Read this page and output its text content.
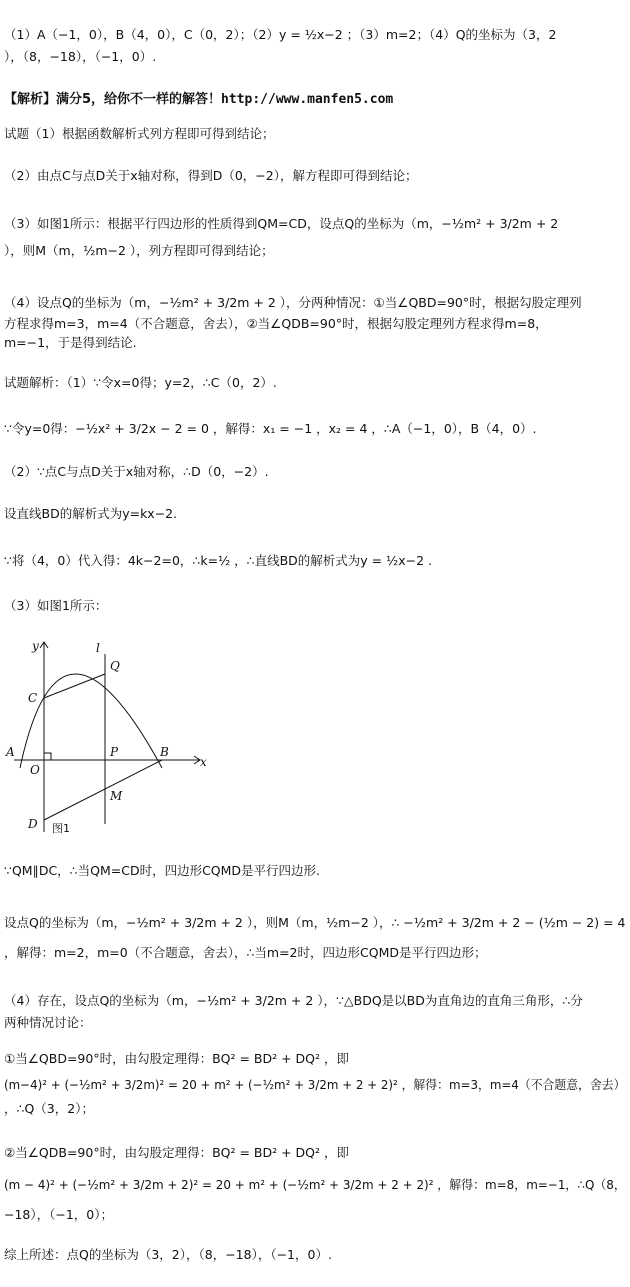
（1）A（−1，0），B（4，0），C（0，2）；（2）y = ½x−2 ；（3）m=2；（4）Q的坐标为（3，2
），（8，−18），（−1，0）.
【解析】满分5，给你不一样的解答！http://www.manfen5.com
试题（1）根据函数解析式列方程即可得到结论；
（2）由点C与点D关于x轴对称，得到D（0，−2），解方程即可得到结论；
（3）如图1所示：根据平行四边形的性质得到QM=CD，设点Q的坐标为（m，−½m² + 3/2m + 2
），则M（m，½m−2 ），列方程即可得到结论；
（4）设点Q的坐标为（m，−½m² + 3/2m + 2 ），分两种情况：①当∠QBD=90°时，根据勾股定理列
方程求得m=3，m=4（不合题意，舍去），②当∠QDB=90°时，根据勾股定理列方程求得m=8，
m=−1，于是得到结论.
试题解析：（1）∵令x=0得；y=2，∴C（0，2）.
∵令y=0得：−½x² + 3/2x − 2 = 0 ，解得：x₁ = −1 ，x₂ = 4 ，∴A（−1，0），B（4，0）.
（2）∵点C与点D关于x轴对称，∴D（0，−2）.
设直线BD的解析式为y=kx−2.
∵将（4，0）代入得：4k−2=0，∴k=½ ，∴直线BD的解析式为y = ½x−2 .
（3）如图1所示：
y	l
Q
C
A	P	B
x
O
M
D 图1
∵QM∥DC，∴当QM=CD时，四边形CQMD是平行四边形.
设点Q的坐标为（m，−½m² + 3/2m + 2 ），则M（m，½m−2 ），∴ −½m² + 3/2m + 2 − (½m − 2) = 4
，解得：m=2，m=0（不合题意，舍去），∴当m=2时，四边形CQMD是平行四边形；
（4）存在，设点Q的坐标为（m，−½m² + 3/2m + 2 ），∵△BDQ是以BD为直角边的直角三角形，∴分
两种情况讨论：
①当∠QBD=90°时，由勾股定理得：BQ² = BD² + DQ² ，即
(m−4)² + (−½m² + 3/2m)² = 20 + m² + (−½m² + 3/2m + 2 + 2)² ，解得：m=3，m=4（不合题意，舍去）
，∴Q（3，2）；
②当∠QDB=90°时，由勾股定理得：BQ² = BD² + DQ² ，即
(m − 4)² + (−½m² + 3/2m + 2)² = 20 + m² + (−½m² + 3/2m + 2 + 2)² ，解得：m=8，m=−1，∴Q（8，
−18），（−1，0）；
综上所述：点Q的坐标为（3，2），（8，−18），（−1，0）.
